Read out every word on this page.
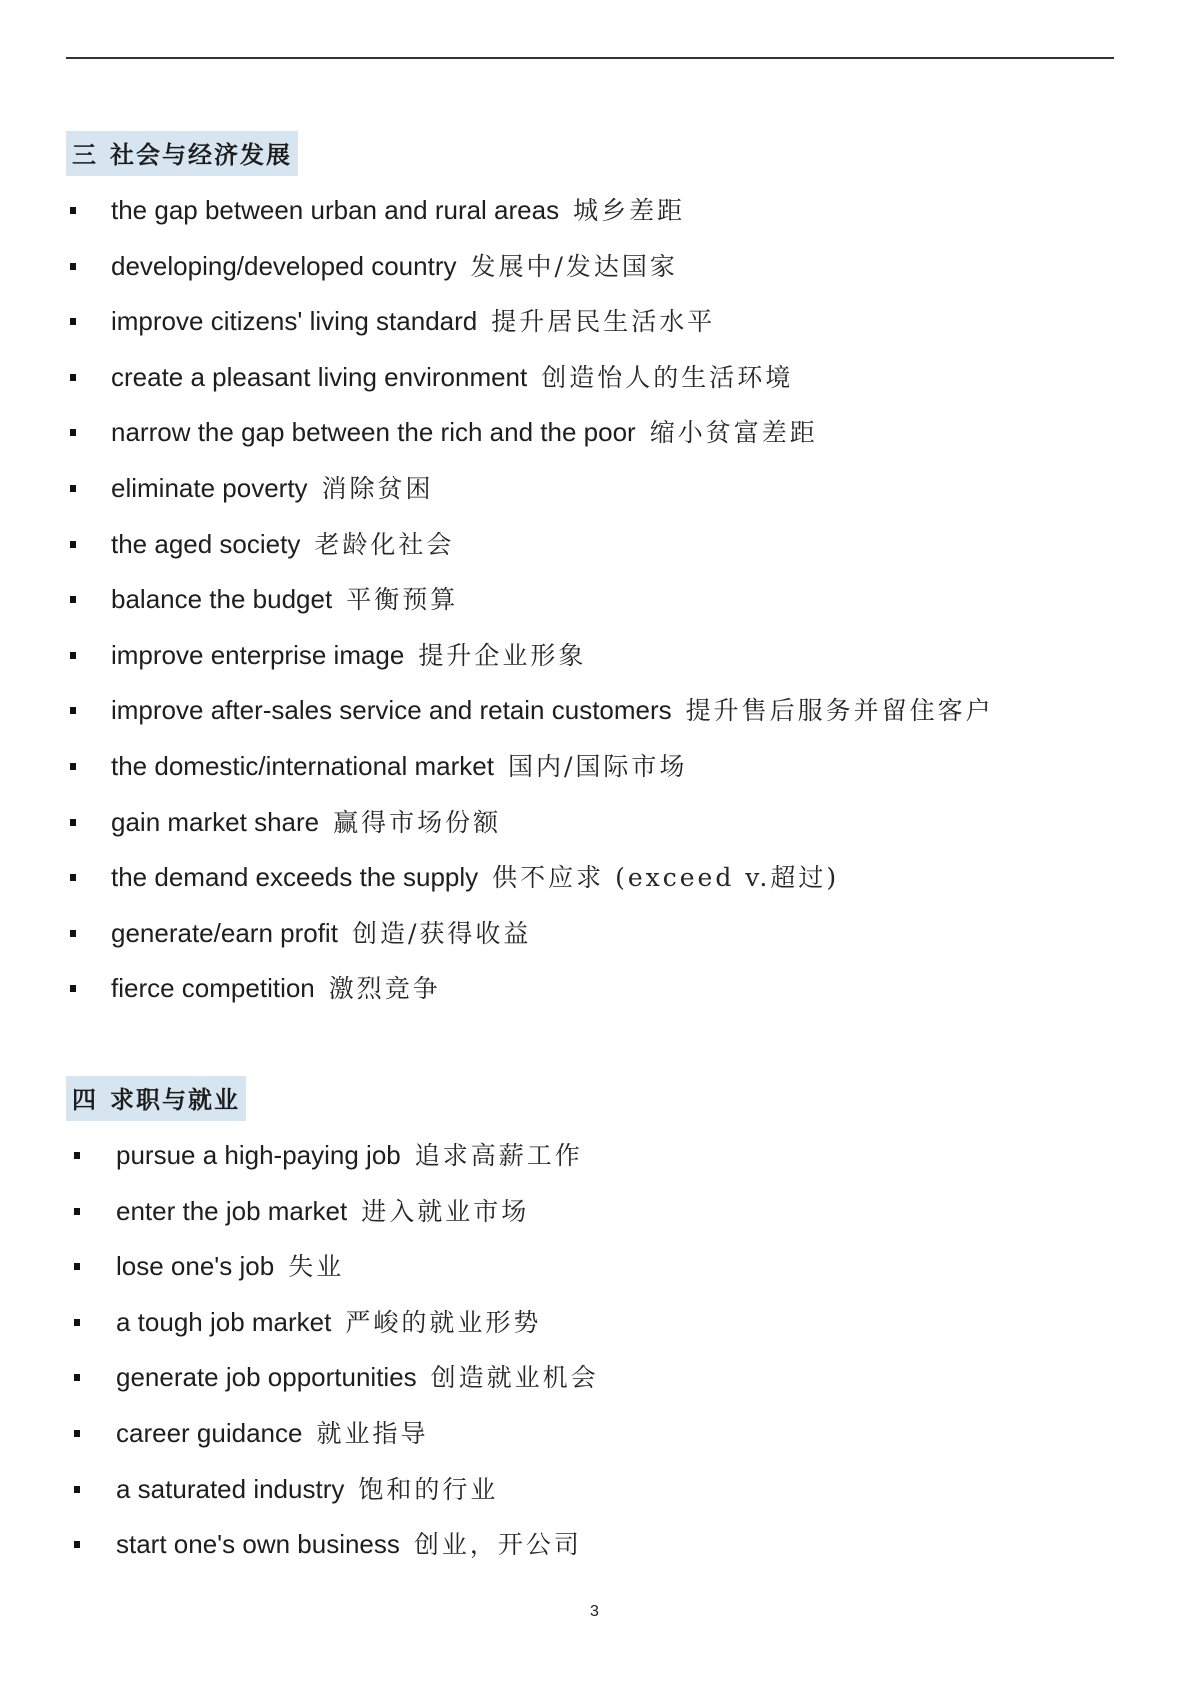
三 社会与经济发展
the gap between urban and rural areas 城乡差距
developing/developed country 发展中/发达国家
improve citizens' living standard 提升居民生活水平
create a pleasant living environment 创造怡人的生活环境
narrow the gap between the rich and the poor 缩小贫富差距
eliminate poverty 消除贫困
the aged society 老龄化社会
balance the budget 平衡预算
improve enterprise image 提升企业形象
improve after-sales service and retain customers 提升售后服务并留住客户
the domestic/international market 国内/国际市场
gain market share 赢得市场份额
the demand exceeds the supply 供不应求 (exceed v.超过)
generate/earn profit 创造/获得收益
fierce competition 激烈竞争
四 求职与就业
pursue a high-paying job 追求高薪工作
enter the job market 进入就业市场
lose one's job 失业
a tough job market 严峻的就业形势
generate job opportunities 创造就业机会
career guidance 就业指导
a saturated industry 饱和的行业
start one's own business 创业，开公司
3
